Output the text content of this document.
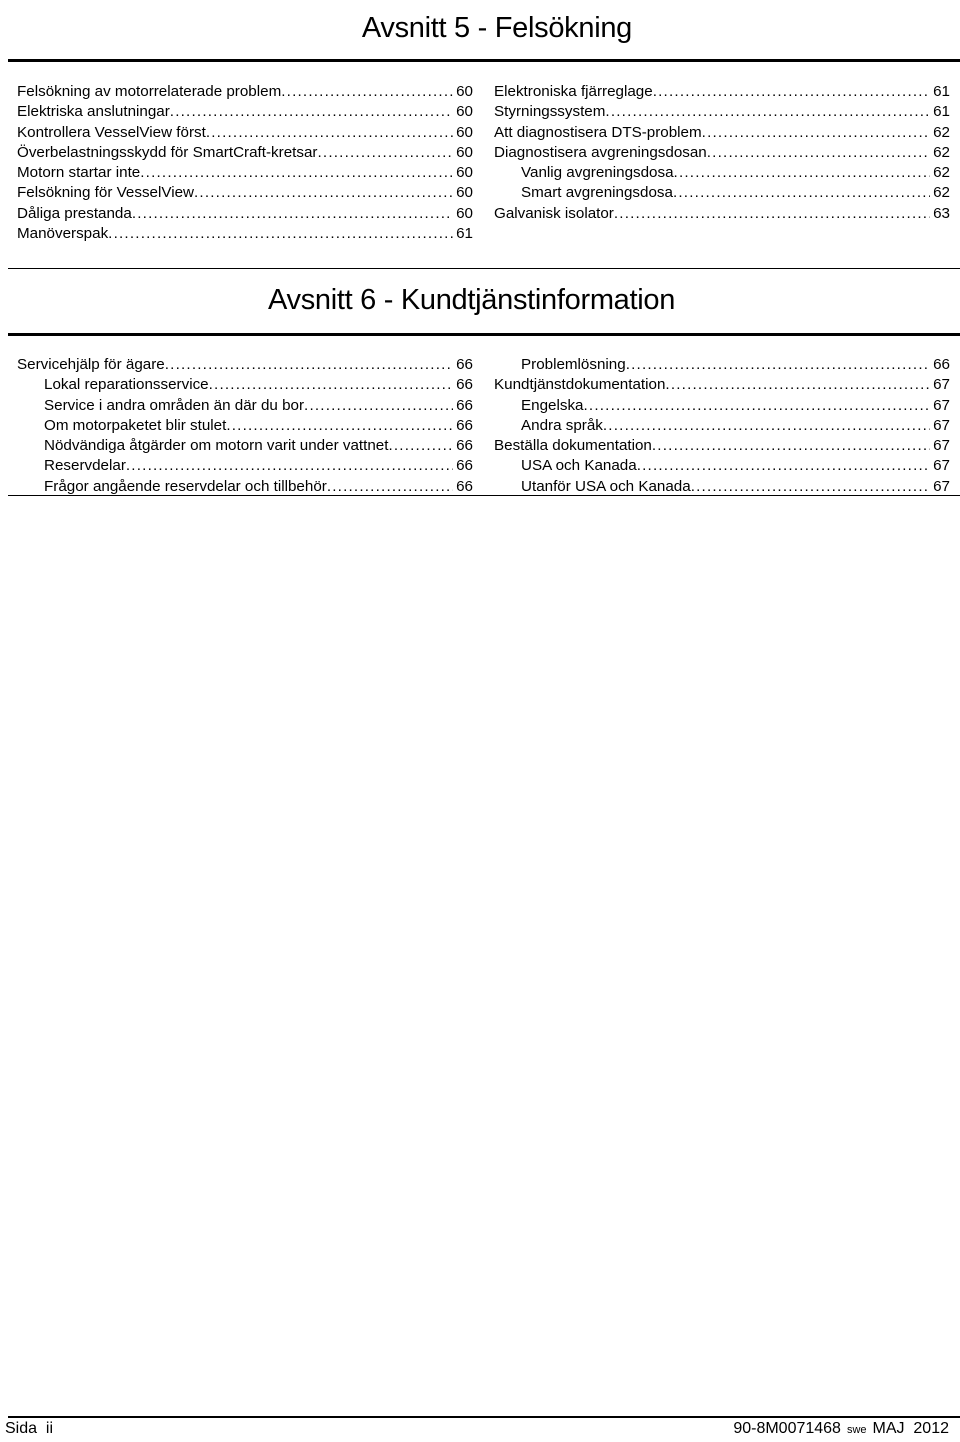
Avsnitt 5 - Felsökning
Felsökning av motorrelaterade problem .....	60
Elektriska anslutningar .....	60
Kontrollera VesselView först .....	60
Överbelastningsskydd för SmartCraft-kretsar .....	60
Motorn startar inte .....	60
Felsökning för VesselView .....	60
Dåliga prestanda .....	60
Manöverspak .....	61
Elektroniska fjärreglage .....	61
Styrningssystem .....	61
Att diagnostisera DTS-problem .....	62
Diagnostisera avgreningsdosan .....	62
Vanlig avgreningsdosa .....	62
Smart avgreningsdosa .....	62
Galvanisk isolator .....	63
Avsnitt 6 - Kundtjänstinformation
Servicehjälp för ägare .....	66
Lokal reparationsservice .....	66
Service i andra områden än där du bor .....	66
Om motorpaketet blir stulet .....	66
Nödvändiga åtgärder om motorn varit under vattnet .....	66
Reservdelar .....	66
Frågor angående reservdelar och tillbehör .....	66
Problemlösning .....	66
Kundtjänstdokumentation .....	67
Engelska .....	67
Andra språk .....	67
Beställa dokumentation .....	67
USA och Kanada .....	67
Utanför USA och Kanada .....	67
Sida  ii	90-8M0071468 swe MAJ  2012
